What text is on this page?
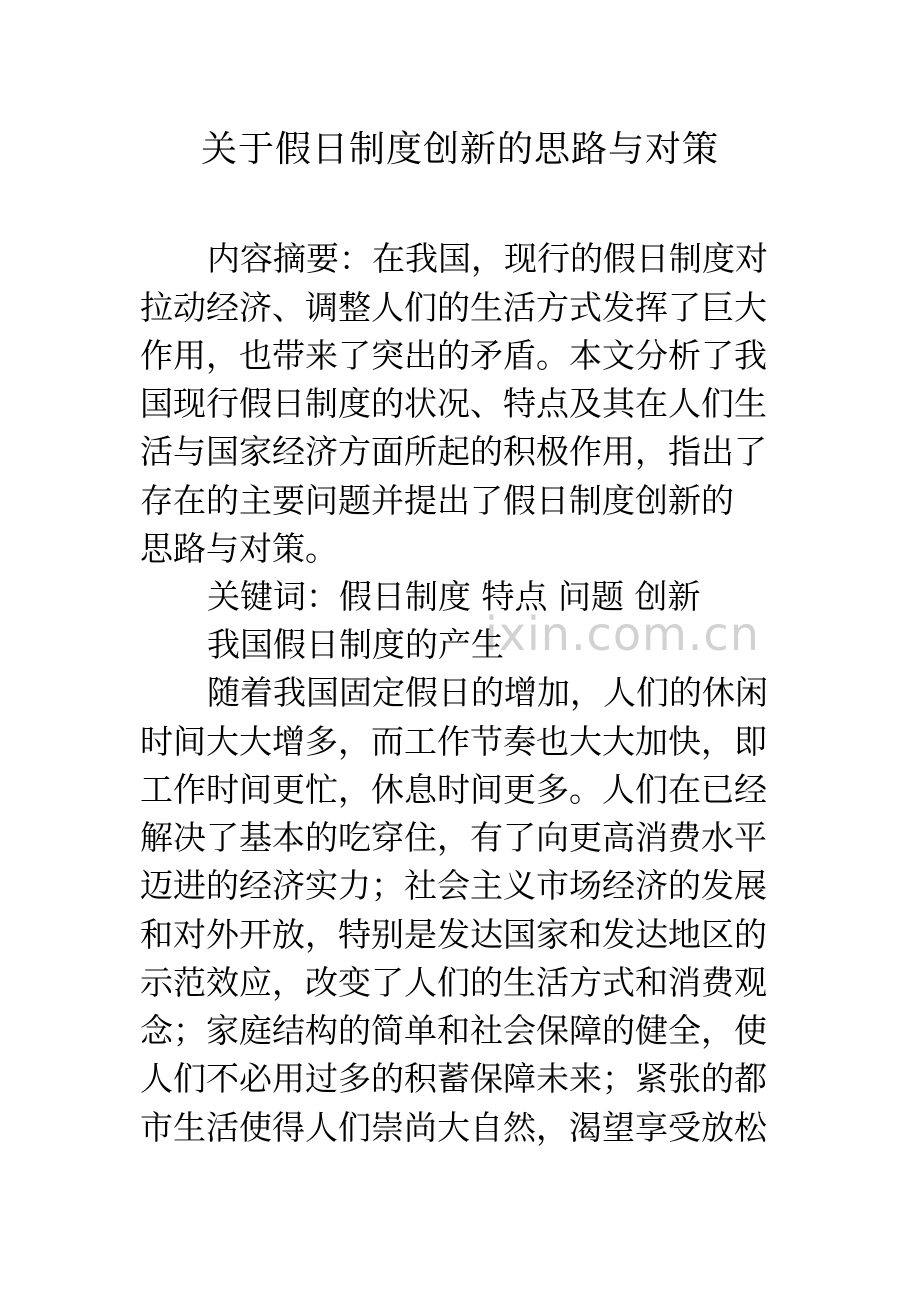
ixin.com.cn
关于假日制度创新的思路与对策

内容摘要：在我国，现行的假日制度对

拉动经济、调整人们的生活方式发挥了巨大

作用，也带来了突出的矛盾。本文分析了我

国现行假日制度的状况、特点及其在人们生

活与国家经济方面所起的积极作用，指出了

存在的主要问题并提出了假日制度创新的

思路与对策。

关键词：假日制度 特点 问题 创新

我国假日制度的产生

随着我国固定假日的增加，人们的休闲

时间大大增多，而工作节奏也大大加快，即

工作时间更忙，休息时间更多。人们在已经

解决了基本的吃穿住，有了向更高消费水平

迈进的经济实力；社会主义市场经济的发展

和对外开放，特别是发达国家和发达地区的

示范效应，改变了人们的生活方式和消费观

念；家庭结构的简单和社会保障的健全，使

人们不必用过多的积蓄保障未来；紧张的都

市生活使得人们崇尚大自然，渴望享受放松
